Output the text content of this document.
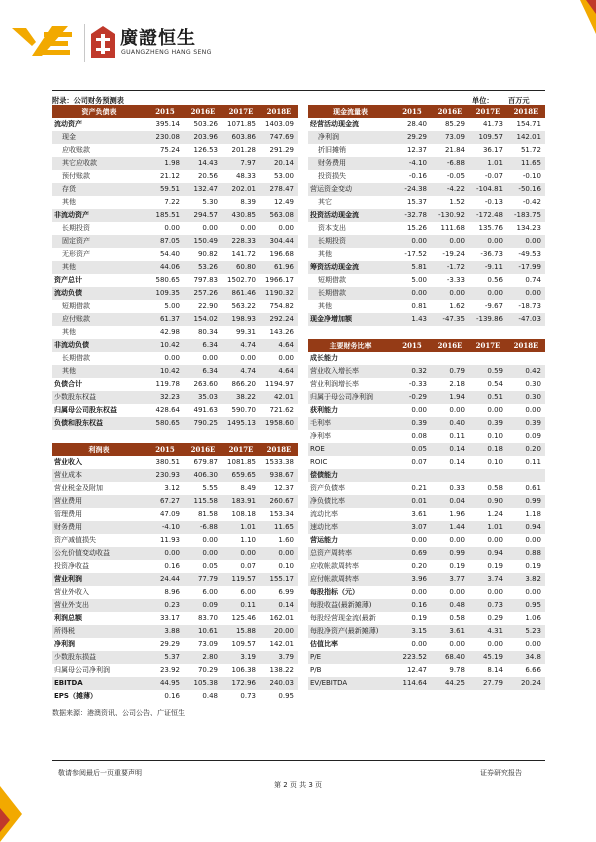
廣證恒生
GUANGZHENG HANG SENG
附录：公司财务预测表	单位： 百万元
资产负债表	2015	2016E	2017E	2018E
流动资产	395.14	503.26	1071.85	1403.09
现金	230.08	203.96	603.86	747.69
应收账款	75.24	126.53	201.28	291.29
其它应收款	1.98	14.43	7.97	20.14
预付账款	21.12	20.56	48.33	53.00
存货	59.51	132.47	202.01	278.47
其他	7.22	5.30	8.39	12.49
非流动资产	185.51	294.57	430.85	563.08
长期投资	0.00	0.00	0.00	0.00
固定资产	87.05	150.49	228.33	304.44
无形资产	54.40	90.82	141.72	196.68
其他	44.06	53.26	60.80	61.96
资产总计	580.65	797.83	1502.70	1966.17
流动负债	109.35	257.26	861.46	1190.32
短期借款	5.00	22.90	563.22	754.82
应付账款	61.37	154.02	198.93	292.24
其他	42.98	80.34	99.31	143.26
非流动负债	10.42	6.34	4.74	4.64
长期借款	0.00	0.00	0.00	0.00
其他	10.42	6.34	4.74	4.64
负债合计	119.78	263.60	866.20	1194.97
少数股东权益	32.23	35.03	38.22	42.01
归属母公司股东权益	428.64	491.63	590.70	721.62
负债和股东权益	580.65	790.25	1495.13	1958.60
利润表	2015	2016E	2017E	2018E
营业收入	380.51	679.87	1081.85	1533.38
营业成本	230.93	406.30	659.65	938.67
营业税金及附加	3.12	5.55	8.49	12.37
营业费用	67.27	115.58	183.91	260.67
管理费用	47.09	81.58	108.18	153.34
财务费用	-4.10	-6.88	1.01	11.65
资产减值损失	11.93	0.00	1.10	1.60
公允价值变动收益	0.00	0.00	0.00	0.00
投资净收益	0.16	0.05	0.07	0.10
营业利润	24.44	77.79	119.57	155.17
营业外收入	8.96	6.00	6.00	6.99
营业外支出	0.23	0.09	0.11	0.14
利润总额	33.17	83.70	125.46	162.01
所得税	3.88	10.61	15.88	20.00
净利润	29.29	73.09	109.57	142.01
少数股东损益	5.37	2.80	3.19	3.79
归属母公司净利润	23.92	70.29	106.38	138.22
EBITDA	44.95	105.38	172.96	240.03
EPS（摊薄）	0.16	0.48	0.73	0.95
现金流量表	2015	2016E	2017E	2018E
经营活动现金流	28.40	85.29	41.73	154.71
净利润	29.29	73.09	109.57	142.01
折旧摊销	12.37	21.84	36.17	51.72
财务费用	-4.10	-6.88	1.01	11.65
投资损失	-0.16	-0.05	-0.07	-0.10
营运资金变动	-24.38	-4.22	-104.81	-50.16
其它	15.37	1.52	-0.13	-0.42
投资活动现金流	-32.78	-130.92	-172.48	-183.75
资本支出	15.26	111.68	135.76	134.23
长期投资	0.00	0.00	0.00	0.00
其他	-17.52	-19.24	-36.73	-49.53
筹资活动现金流	5.81	-1.72	-9.11	-17.99
短期借款	5.00	-3.33	0.56	0.74
长期借款	0.00	0.00	0.00	0.00
其他	0.81	1.62	-9.67	-18.73
现金净增加额	1.43	-47.35	-139.86	-47.03
主要财务比率	2015	2016E	2017E	2018E
成长能力
营业收入增长率	0.32	0.79	0.59	0.42
营业利润增长率	-0.33	2.18	0.54	0.30
归属于母公司净利润	-0.29	1.94	0.51	0.30
获利能力	0.00	0.00	0.00	0.00
毛利率	0.39	0.40	0.39	0.39
净利率	0.08	0.11	0.10	0.09
ROE	0.05	0.14	0.18	0.20
ROIC	0.07	0.14	0.10	0.11
偿债能力
资产负债率	0.21	0.33	0.58	0.61
净负债比率	0.01	0.04	0.90	0.99
流动比率	3.61	1.96	1.24	1.18
速动比率	3.07	1.44	1.01	0.94
营运能力	0.00	0.00	0.00	0.00
总资产周转率	0.69	0.99	0.94	0.88
应收帐款周转率	0.20	0.19	0.19	0.19
应付帐款周转率	3.96	3.77	3.74	3.82
每股指标（元）	0.00	0.00	0.00	0.00
每股收益(最新摊薄)	0.16	0.48	0.73	0.95
每股经营现金流(最新	0.19	0.58	0.29	1.06
每股净资产(最新摊薄)	3.15	3.61	4.31	5.23
估值比率	0.00	0.00	0.00	0.00
P/E	223.52	68.40	45.19	34.8
P/B	12.47	9.78	8.14	6.66
EV/EBITDA	114.64	44.25	27.79	20.24
数据来源：港澳资讯、公司公告、广证恒生
敬请参阅最后一页重要声明	证券研究报告
第 2 页 共 3 页
